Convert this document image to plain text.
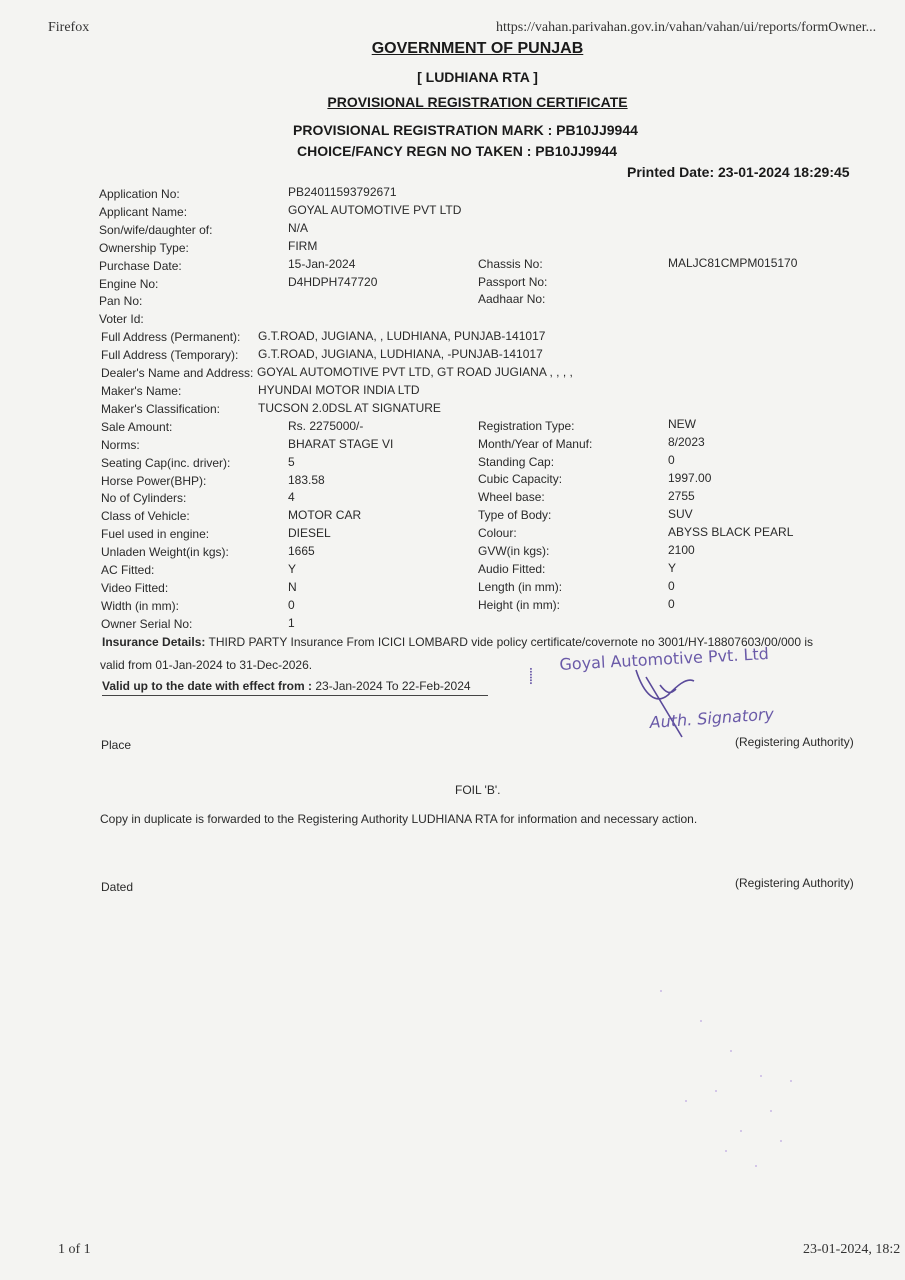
Firefox	https://vahan.parivahan.gov.in/vahan/vahan/ui/reports/formOwner...
1 of 1	23-01-2024, 18:2
GOVERNMENT OF PUNJAB
[ LUDHIANA RTA ]
PROVISIONAL REGISTRATION CERTIFICATE
PROVISIONAL REGISTRATION MARK : PB10JJ9944
CHOICE/FANCY REGN NO TAKEN : PB10JJ9944
Printed Date: 23-01-2024 18:29:45
Application No:	PB24011593792671
Applicant Name:	GOYAL AUTOMOTIVE PVT LTD
Son/wife/daughter of:	N/A
Ownership Type:	FIRM
Purchase Date:	15-Jan-2024	Chassis No:	MALJC81CMPM015170
Engine No:	D4HDPH747720	Passport No:
Pan No:	Aadhaar No:
Voter Id:
Full Address (Permanent): G.T.ROAD, JUGIANA, , LUDHIANA, PUNJAB-141017
Full Address (Temporary): G.T.ROAD, JUGIANA, LUDHIANA, -PUNJAB-141017
Dealer's Name and Address: GOYAL AUTOMOTIVE PVT LTD, GT ROAD JUGIANA , , , ,
Maker's Name:	HYUNDAI MOTOR INDIA LTD
Maker's Classification:	TUCSON 2.0DSL AT SIGNATURE
Sale Amount:	Rs. 2275000/-	Registration Type:	NEW
Norms:	BHARAT STAGE VI	Month/Year of Manuf:	8/2023
Seating Cap(inc. driver):	5	Standing Cap:	0
Horse Power(BHP):	183.58	Cubic Capacity:	1997.00
No of Cylinders:	4	Wheel base:	2755
Class of Vehicle:	MOTOR CAR	Type of Body:	SUV
Fuel used in engine:	DIESEL	Colour:	ABYSS BLACK PEARL
Unladen Weight(in kgs):	1665	GVW(in kgs):	2100
AC Fitted:	Y	Audio Fitted:	Y
Video Fitted:	N	Length (in mm):	0
Width (in mm):	0	Height (in mm):	0
Owner Serial No:	1
Insurance Details: THIRD PARTY Insurance From ICICI LOMBARD vide policy certificate/covernote no 3001/HY-18807603/00/000 is
valid from 01-Jan-2024 to 31-Dec-2026.
Valid up to the date with effect from : 23-Jan-2024 To 22-Feb-2024
⸽
Goyal Automotive Pvt. Ltd
Auth. Signatory
Place	(Registering Authority)
FOIL 'B'.
Copy in duplicate is forwarded to the Registering Authority LUDHIANA RTA for information and necessary action.
Dated	(Registering Authority)
